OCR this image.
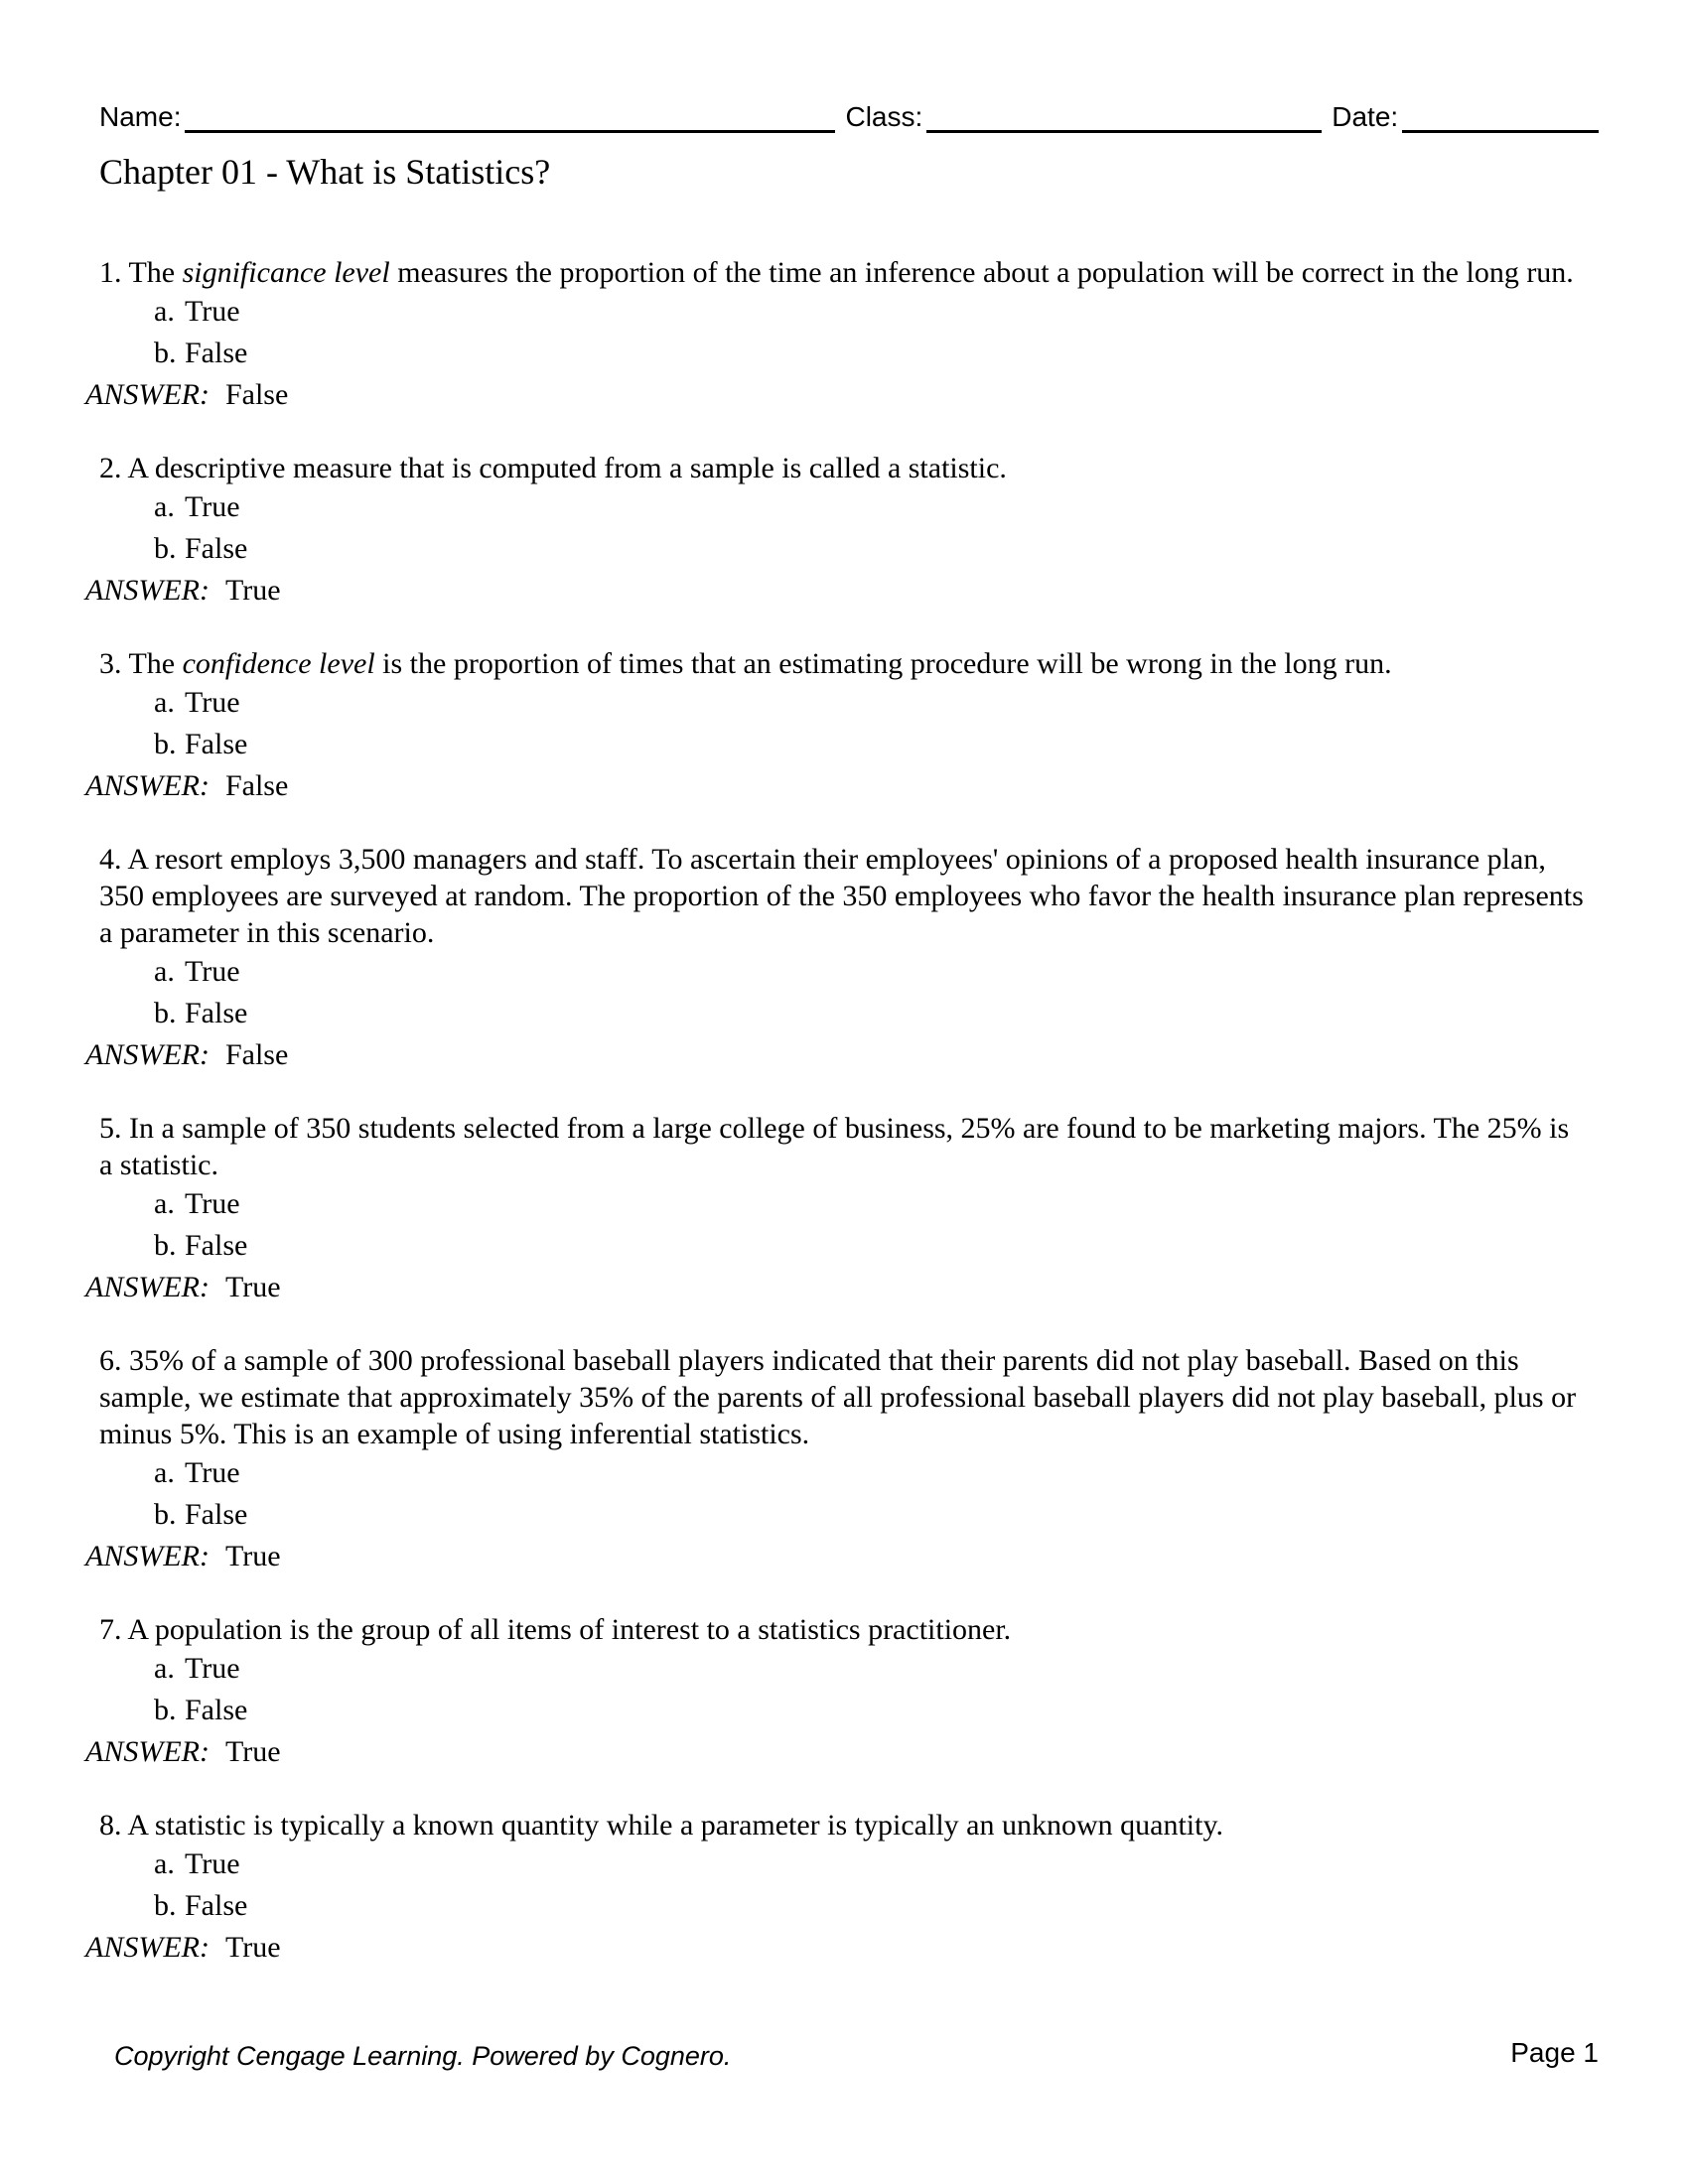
Name:	Class:	Date:
Chapter 01 - What is Statistics?

1. The significance level measures the proportion of the time an inference about a population will be correct in the long run.

a. True
b. False
ANSWER: False

2. A descriptive measure that is computed from a sample is called a statistic.

a. True
b. False
ANSWER: True

3. The confidence level is the proportion of times that an estimating procedure will be wrong in the long run.

a. True
b. False
ANSWER: False

4. A resort employs 3,500 managers and staff. To ascertain their employees' opinions of a proposed health insurance plan, 350 employees are surveyed at random. The proportion of the 350 employees who favor the health insurance plan represents a parameter in this scenario.

a. True
b. False
ANSWER: False

5. In a sample of 350 students selected from a large college of business, 25% are found to be marketing majors. The 25% is a statistic.

a. True
b. False
ANSWER: True

6. 35% of a sample of 300 professional baseball players indicated that their parents did not play baseball. Based on this sample, we estimate that approximately 35% of the parents of all professional baseball players did not play baseball, plus or minus 5%. This is an example of using inferential statistics.

a. True
b. False
ANSWER: True

7. A population is the group of all items of interest to a statistics practitioner.

a. True
b. False
ANSWER: True

8. A statistic is typically a known quantity while a parameter is typically an unknown quantity.

a. True
b. False
ANSWER: True
Copyright Cengage Learning. Powered by Cognero.	Page 1
